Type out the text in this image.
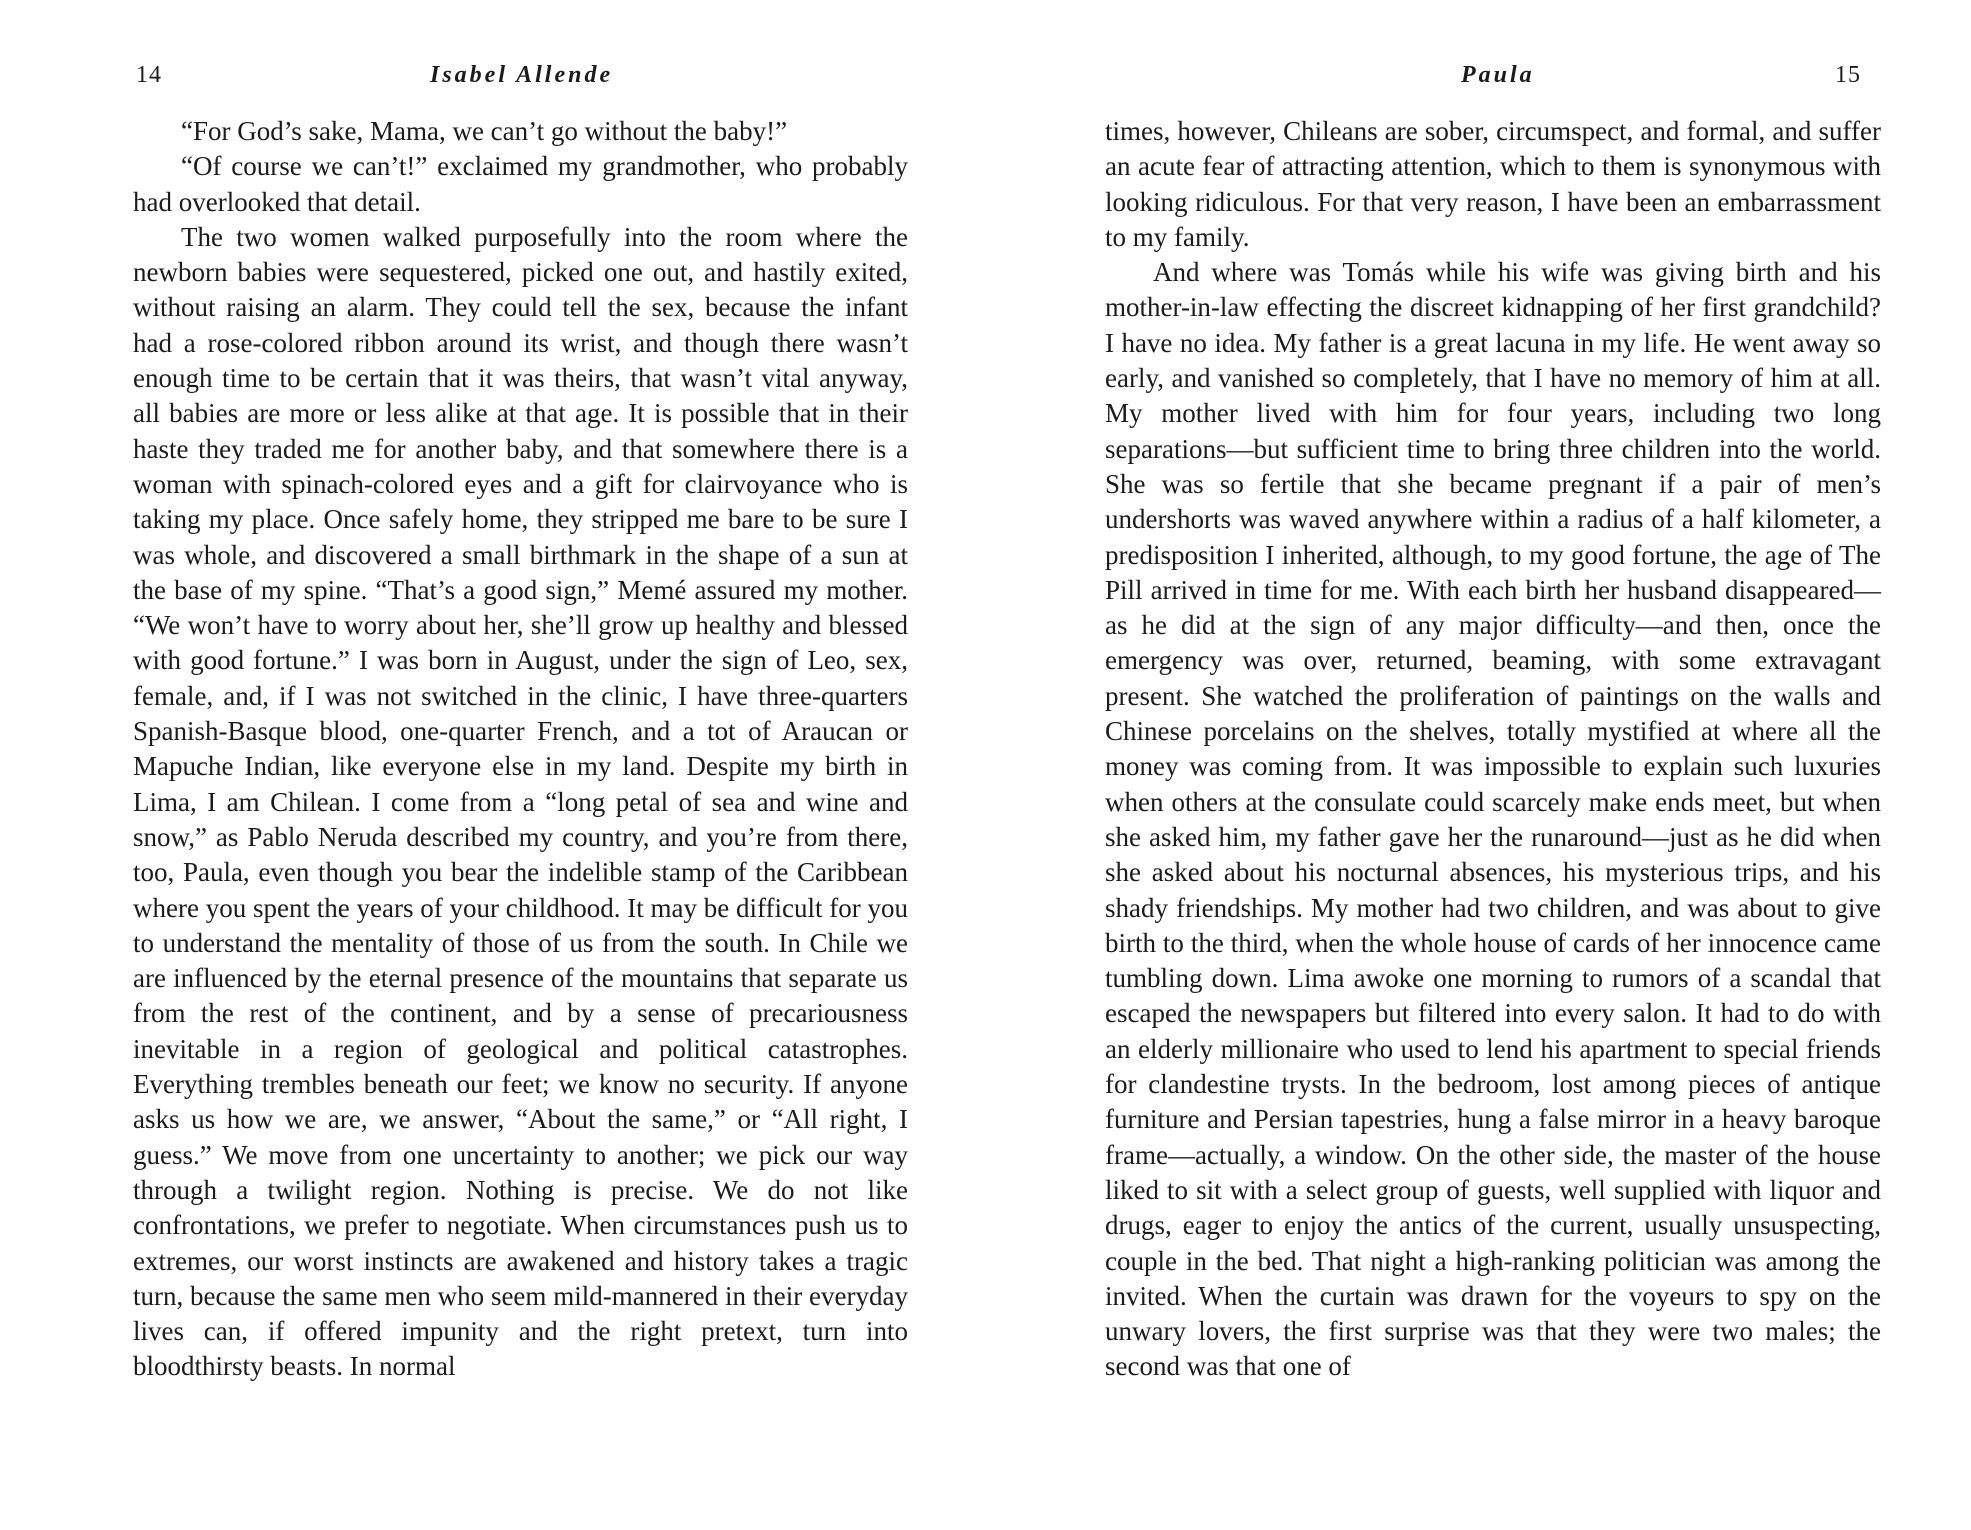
14	Isabel Allende

“For God’s sake, Mama, we can’t go without the baby!”

“Of course we can’t!” exclaimed my grandmother, who probably had overlooked that detail.

The two women walked purposefully into the room where the newborn babies were sequestered, picked one out, and hastily exited, without raising an alarm. They could tell the sex, because the infant had a rose-colored ribbon around its wrist, and though there wasn’t enough time to be certain that it was theirs, that wasn’t vital anyway, all babies are more or less alike at that age. It is possible that in their haste they traded me for another baby, and that somewhere there is a woman with spinach-colored eyes and a gift for clairvoyance who is taking my place. Once safely home, they stripped me bare to be sure I was whole, and discovered a small birthmark in the shape of a sun at the base of my spine. “That’s a good sign,” Memé assured my mother. “We won’t have to worry about her, she’ll grow up healthy and blessed with good fortune.” I was born in August, under the sign of Leo, sex, female, and, if I was not switched in the clinic, I have three-quarters Spanish-Basque blood, one-quarter French, and a tot of Araucan or Mapuche Indian, like everyone else in my land. Despite my birth in Lima, I am Chilean. I come from a “long petal of sea and wine and snow,” as Pablo Neruda described my country, and you’re from there, too, Paula, even though you bear the indelible stamp of the Caribbean where you spent the years of your childhood. It may be difficult for you to understand the mentality of those of us from the south. In Chile we are influenced by the eternal presence of the mountains that separate us from the rest of the continent, and by a sense of precariousness inevitable in a region of geological and political catastrophes. Everything trembles beneath our feet; we know no security. If anyone asks us how we are, we answer, “About the same,” or “All right, I guess.” We move from one uncertainty to another; we pick our way through a twilight region. Nothing is precise. We do not like confrontations, we prefer to negotiate. When circumstances push us to extremes, our worst instincts are awakened and history takes a tragic turn, because the same men who seem mild-mannered in their everyday lives can, if offered impunity and the right pretext, turn into bloodthirsty beasts. In normal

Paula	15

times, however, Chileans are sober, circumspect, and formal, and suffer an acute fear of attracting attention, which to them is synonymous with looking ridiculous. For that very reason, I have been an embarrassment to my family.

And where was Tomás while his wife was giving birth and his mother-in-law effecting the discreet kidnapping of her first grandchild? I have no idea. My father is a great lacuna in my life. He went away so early, and vanished so completely, that I have no memory of him at all. My mother lived with him for four years, including two long separations—but sufficient time to bring three children into the world. She was so fertile that she became pregnant if a pair of men’s undershorts was waved anywhere within a radius of a half kilometer, a predisposition I inherited, although, to my good fortune, the age of The Pill arrived in time for me. With each birth her husband disappeared—as he did at the sign of any major difficulty—and then, once the emergency was over, returned, beaming, with some extravagant present. She watched the proliferation of paintings on the walls and Chinese porcelains on the shelves, totally mystified at where all the money was coming from. It was impossible to explain such luxuries when others at the consulate could scarcely make ends meet, but when she asked him, my father gave her the runaround—just as he did when she asked about his nocturnal absences, his mysterious trips, and his shady friendships. My mother had two children, and was about to give birth to the third, when the whole house of cards of her innocence came tumbling down. Lima awoke one morning to rumors of a scandal that escaped the newspapers but filtered into every salon. It had to do with an elderly millionaire who used to lend his apartment to special friends for clandestine trysts. In the bedroom, lost among pieces of antique furniture and Persian tapestries, hung a false mirror in a heavy baroque frame—actually, a window. On the other side, the master of the house liked to sit with a select group of guests, well supplied with liquor and drugs, eager to enjoy the antics of the current, usually unsuspecting, couple in the bed. That night a high-ranking politician was among the invited. When the curtain was drawn for the voyeurs to spy on the unwary lovers, the first surprise was that they were two males; the second was that one of
